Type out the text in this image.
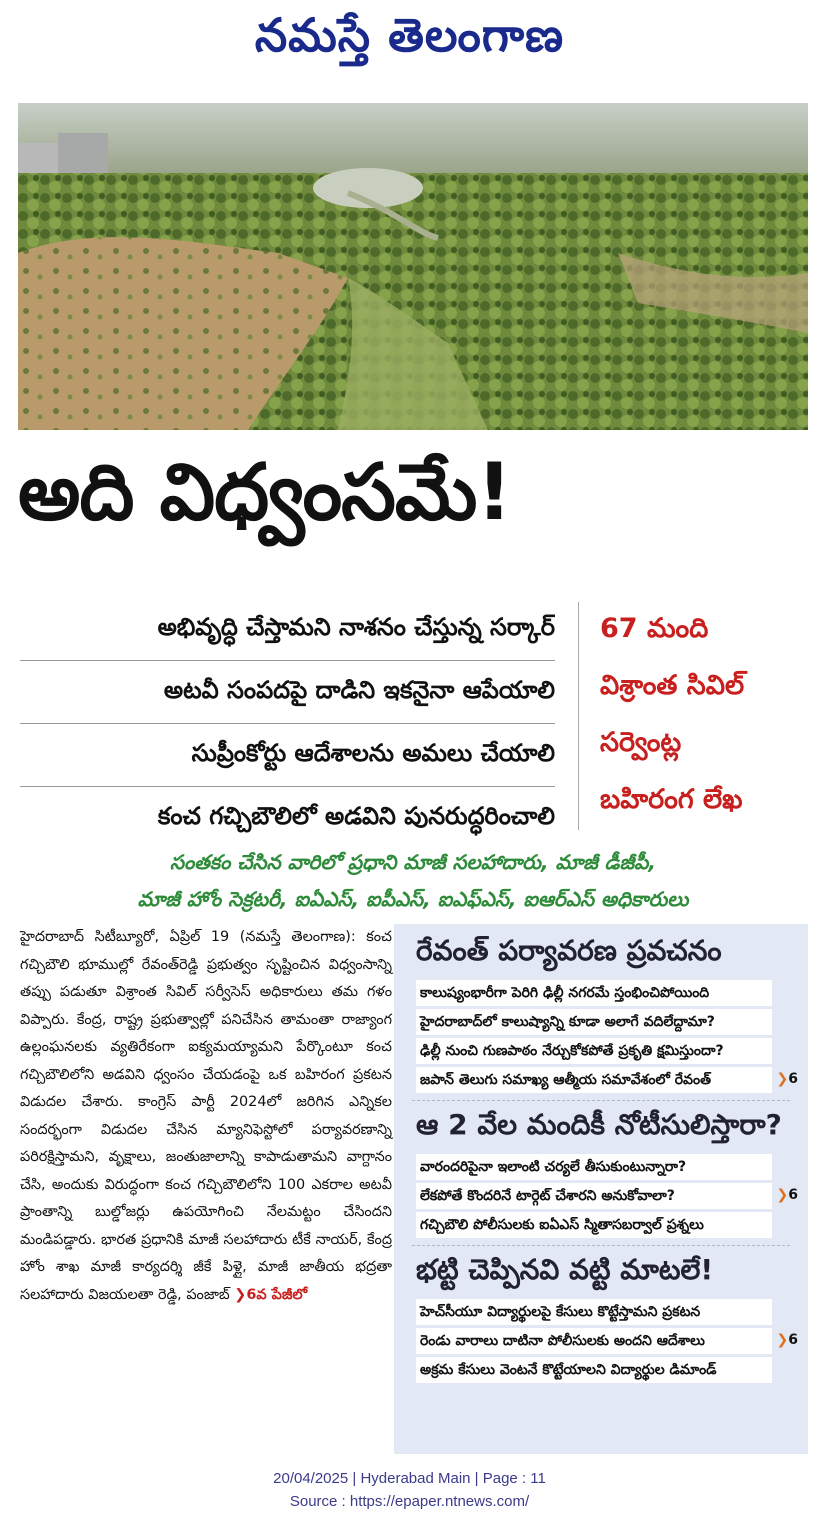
నమస్తే తెలంగాణ
అది విధ్వంసమే!
అభివృద్ధి చేస్తామని నాశనం చేస్తున్న సర్కార్
అటవీ సంపదపై దాడిని ఇకనైనా ఆపేయాలి
సుప్రీంకోర్టు ఆదేశాలను అమలు చేయాలి
కంచ గచ్చిబౌలిలో అడవిని పునరుద్ధరించాలి
67 మంది
విశ్రాంత సివిల్
సర్వెంట్ల
బహిరంగ లేఖ
సంతకం చేసిన వారిలో ప్రధాని మాజీ సలహాదారు, మాజీ డీజీపీ,
మాజీ హోం సెక్రటరీ, ఐఏఎస్, ఐపీఎస్, ఐఎఫ్ఎస్, ఐఆర్ఎస్ అధికారులు
హైదరాబాద్ సిటీబ్యూరో, ఏప్రిల్ 19 (నమస్తే తెలంగాణ): కంచ గచ్చిబౌలి భూముల్లో రేవంత్‌రెడ్డి ప్రభుత్వం సృష్టించిన విధ్వంసాన్ని తప్పు పడుతూ విశ్రాంత సివిల్ సర్వీసెస్ అధికారులు తమ గళం విప్పారు. కేంద్ర, రాష్ట్ర ప్రభుత్వాల్లో పనిచేసిన తామంతా రాజ్యాంగ ఉల్లంఘనలకు వ్యతిరేకంగా ఐక్యమయ్యామని పేర్కొంటూ కంచ గచ్చిబౌలిలోని అడవిని ధ్వంసం చేయడంపై ఒక బహిరంగ ప్రకటన విడుదల చేశారు. కాంగ్రెస్ పార్టీ 2024లో జరిగిన ఎన్నికల సందర్భంగా విడుదల చేసిన మ్యానిఫెస్టోలో పర్యావరణాన్ని పరిరక్షిస్తామని, వృక్షాలు, జంతుజాలాన్ని కాపాడుతామని వాగ్దానం చేసి, అందుకు విరుద్ధంగా కంచ గచ్చిబౌలిలోని 100 ఎకరాల అటవీ ప్రాంతాన్ని బుల్డోజర్లు ఉపయోగించి నేలమట్టం చేసిందని మండిపడ్డారు. భారత ప్రధానికి మాజీ సలహాదారు టీకే నాయర్, కేంద్ర హోం శాఖ మాజీ కార్యదర్శి జీకే పిళ్లై, మాజీ జాతీయ భద్రతా సలహాదారు విజయలతా రెడ్డి, పంజాబ్ ❯6వ పేజీలో
రేవంత్ పర్యావరణ ప్రవచనం
కాలుష్యంభారీగా పెరిగి ఢిల్లీ నగరమే స్తంభించిపోయింది
హైదరాబాద్‌లో కాలుష్యాన్ని కూడా అలాగే వదిలేద్దామా?
ఢిల్లీ నుంచి గుణపాఠం నేర్చుకోకపోతే ప్రకృతి క్షమిస్తుందా?
జపాన్ తెలుగు సమాఖ్య ఆత్మీయ సమావేశంలో రేవంత్	❯6
ఆ 2 వేల మందికీ నోటీసులిస్తారా?
వారందరిపైనా ఇలాంటి చర్యలే తీసుకుంటున్నారా?
లేకపోతే కొందరినే టార్గెట్ చేశారని అనుకోవాలా?	❯6
గచ్చిబౌలి పోలీసులకు ఐఏఎస్ స్మితాసబర్వాల్ ప్రశ్నలు
భట్టి చెప్పినవి వట్టి మాటలే!
హెచ్‌సీయూ విద్యార్థులపై కేసులు కొట్టేస్తామని ప్రకటన
రెండు వారాలు దాటినా పోలీసులకు అందని ఆదేశాలు	❯6
అక్రమ కేసులు వెంటనే కొట్టేయాలని విద్యార్థుల డిమాండ్
20/04/2025 | Hyderabad Main | Page : 11
Source : https://epaper.ntnews.com/
